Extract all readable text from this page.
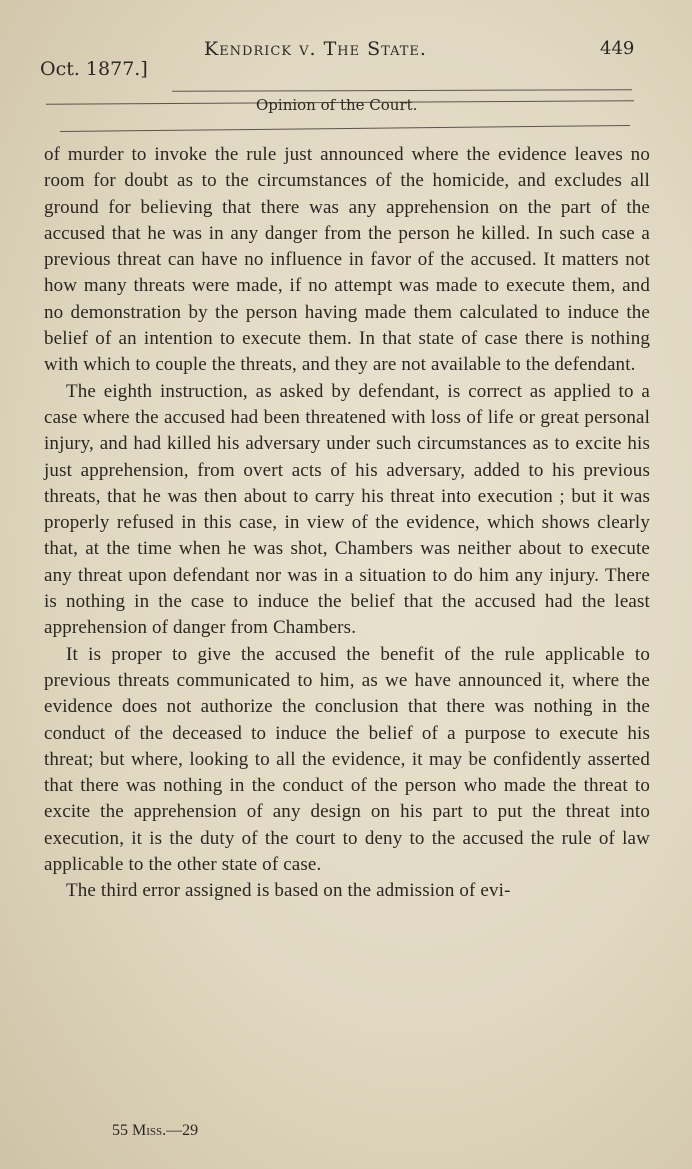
Oct. 1877.]
Kendrick v. The State.	449
Opinion of the Court.

of murder to invoke the rule just announced where the evidence leaves no room for doubt as to the circumstances of the homicide, and excludes all ground for believing that there was any apprehension on the part of the accused that he was in any danger from the person he killed. In such case a previous threat can have no influence in favor of the accused. It matters not how many threats were made, if no attempt was made to execute them, and no demonstration by the person having made them calculated to induce the belief of an intention to execute them. In that state of case there is nothing with which to couple the threats, and they are not available to the defendant.

The eighth instruction, as asked by defendant, is correct as applied to a case where the accused had been threatened with loss of life or great personal injury, and had killed his adversary under such circumstances as to excite his just apprehension, from overt acts of his adversary, added to his previous threats, that he was then about to carry his threat into execution ; but it was properly refused in this case, in view of the evidence, which shows clearly that, at the time when he was shot, Chambers was neither about to execute any threat upon defendant nor was in a situation to do him any injury. There is nothing in the case to induce the belief that the accused had the least apprehension of danger from Chambers.

It is proper to give the accused the benefit of the rule applicable to previous threats communicated to him, as we have announced it, where the evidence does not authorize the conclusion that there was nothing in the conduct of the deceased to induce the belief of a purpose to execute his threat; but where, looking to all the evidence, it may be confidently asserted that there was nothing in the conduct of the person who made the threat to excite the apprehension of any design on his part to put the threat into execution, it is the duty of the court to deny to the accused the rule of law applicable to the other state of case.

The third error assigned is based on the admission of evi-

55 Miss.—29
